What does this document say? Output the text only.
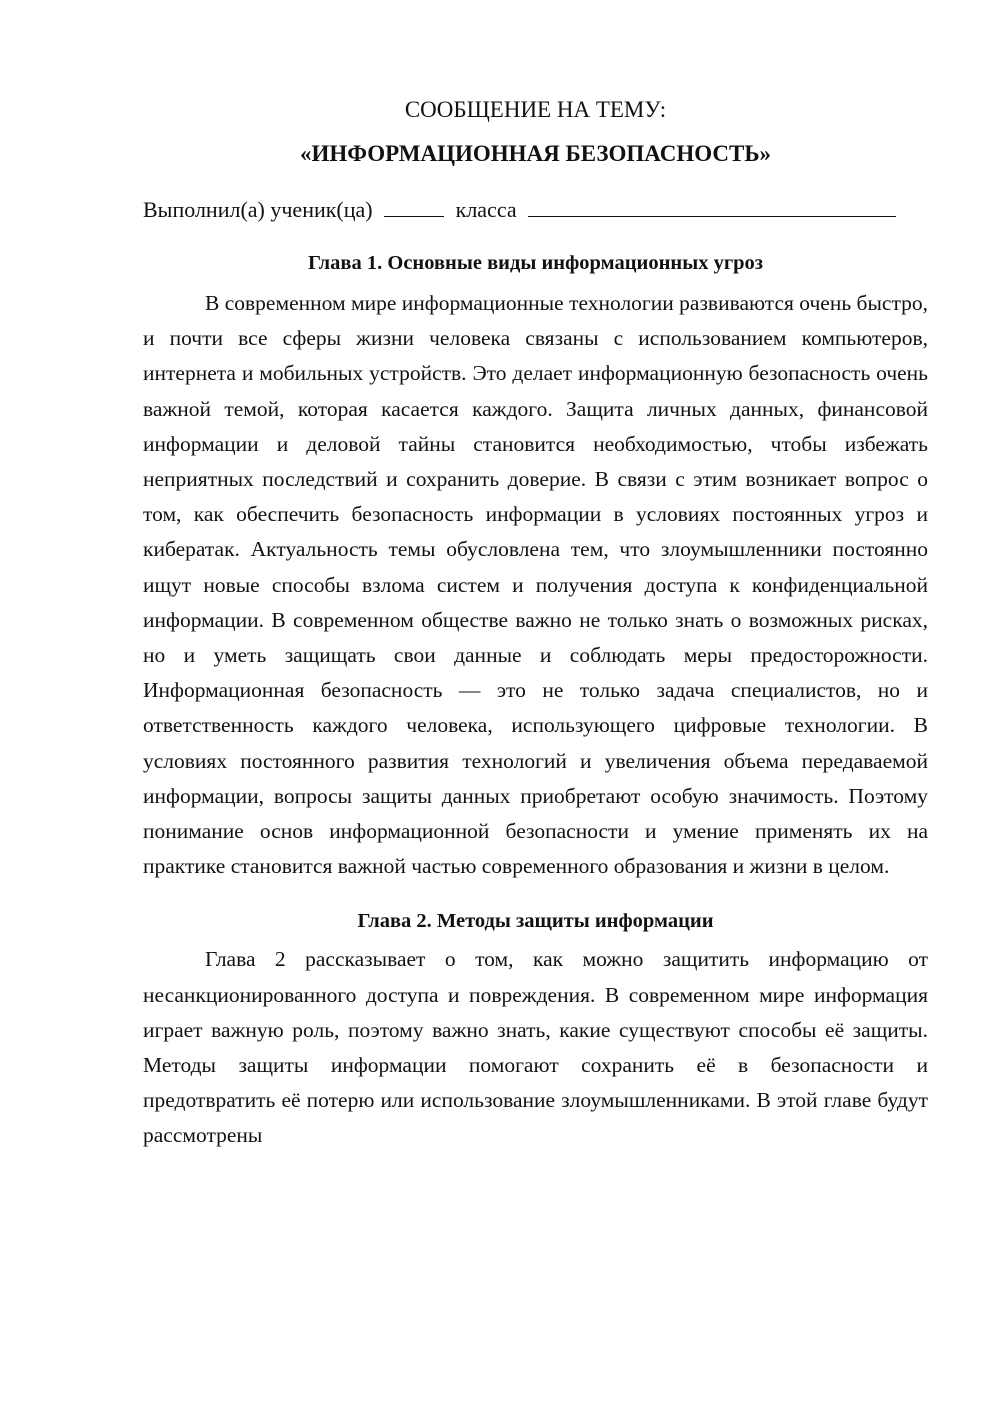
СООБЩЕНИЕ НА ТЕМУ:
«ИНФОРМАЦИОННАЯ БЕЗОПАСНОСТЬ»
Выполнил(а) ученик(ца)	класса
Глава 1. Основные виды информационных угроз

В современном мире информационные технологии развиваются очень быстро, и почти все сферы жизни человека связаны с использованием компьютеров, интернета и мобильных устройств. Это делает информационную безопасность очень важной темой, которая касается каждого. Защита личных данных, финансовой информации и деловой тайны становится необходимостью, чтобы избежать неприятных последствий и сохранить доверие. В связи с этим возникает вопрос о том, как обеспечить безопасность информации в условиях постоянных угроз и кибератак. Актуальность темы обусловлена тем, что злоумышленники постоянно ищут новые способы взлома систем и получения доступа к конфиденциальной информации. В современном обществе важно не только знать о возможных рисках, но и уметь защищать свои данные и соблюдать меры предосторожности. Информационная безопасность — это не только задача специалистов, но и ответственность каждого человека, использующего цифровые технологии. В условиях постоянного развития технологий и увеличения объема передаваемой информации, вопросы защиты данных приобретают особую значимость. Поэтому понимание основ информационной безопасности и умение применять их на практике становится важной частью современного образования и жизни в целом.

Глава 2. Методы защиты информации

Глава 2 рассказывает о том, как можно защитить информацию от несанкционированного доступа и повреждения. В современном мире информация играет важную роль, поэтому важно знать, какие существуют способы её защиты. Методы защиты информации помогают сохранить её в безопасности и предотвратить её потерю или использование злоумышленниками. В этой главе будут рассмотрены
